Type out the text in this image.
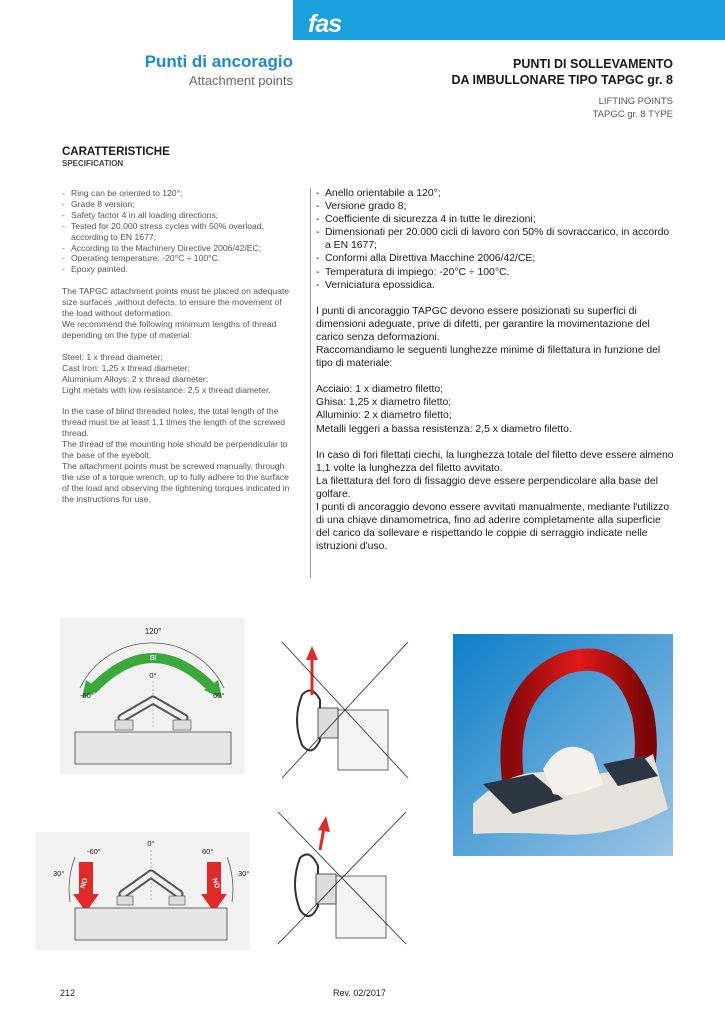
fas
Punti di ancoragio
Attachment points
PUNTI DI SOLLEVAMENTO
DA IMBULLONARE TIPO TAPGC gr. 8
LIFTING POINTS
TAPGC gr. 8 TYPE
CARATTERISTICHE
SPECIFICATION
- Ring can be oriented to 120°;
- Grade 8 version;
- Safety factor 4 in all loading directions;
- Tested for 20.000 stress cycles with 50% overload, according to EN 1677;
- According to the Machinery Directive 2006/42/EC;
- Operating temperature: -20°C ÷ 100°C.
- Epoxy painted.

The TAPGC attachment points must be placed on adequate size surfaces „without defects, to ensure the movement of the load without deformation.

We recommend the following minimum lengths of thread depending on the type of material:

Steel: 1 x thread diameter;

Cast Iron: 1,25 x thread diameter;

Aluminium Alloys: 2 x thread diameter;

Light metals with low resistance: 2,5 x thread diameter.

In the case of blind threaded holes, the total length of the thread must be at least 1,1 times the length of the screwed thread.

The thread of the mounting hole should be perpendicular to the base of the eyebolt.

The attachment points must be screwed manually, through the use of a torque wrench, up to fully adhere to the surface of the load and observing the tightening torques indicated in the instructions for use.

- Anello orientabile a 120°;
- Versione grado 8;
- Coefficiente di sicurezza 4 in tutte le direzioni;
- Dimensionati per 20.000 cicli di lavoro con 50% di sovraccarico, in accordo a EN 1677;
- Conformi alla Direttiva Macchine 2006/42/CE;
- Temperatura di impiego: -20°C ÷ 100°C.
- Verniciatura epossidica.

I punti di ancoraggio TAPGC devono essere posizionati su superfici di dimensioni adeguate, prive di difetti, per garantire la movimentazione del carico senza deformazioni.

Raccomandiamo le seguenti lunghezze minime di filettatura in funzione del tipo di materiale:

Acciaio: 1 x diametro filetto;

Ghisa: 1,25 x diametro filetto;

Alluminio: 2 x diametro filetto;

Metalli leggeri a bassa resistenza: 2,5 x diametro filetto.

In caso di fori filettati ciechi, la lunghezza totale del filetto deve essere almeno 1,1 volte la lunghezza del filetto avvitato.

La filettatura del foro di fissaggio deve essere perpendicolare alla base del golfare.

I punti di ancoraggio devono essere avvitati manualmente, mediante l'utilizzo di una chiave dinamometrica, fino ad aderire completamente alla superficie del carico da sollevare e rispettando le coppie di serraggio indicate nelle istruzioni d'uso.

120°
SI
0°
-60°	60°
0°
-60°	60°
30°	30°
NO	NO
212	Rev. 02/2017
